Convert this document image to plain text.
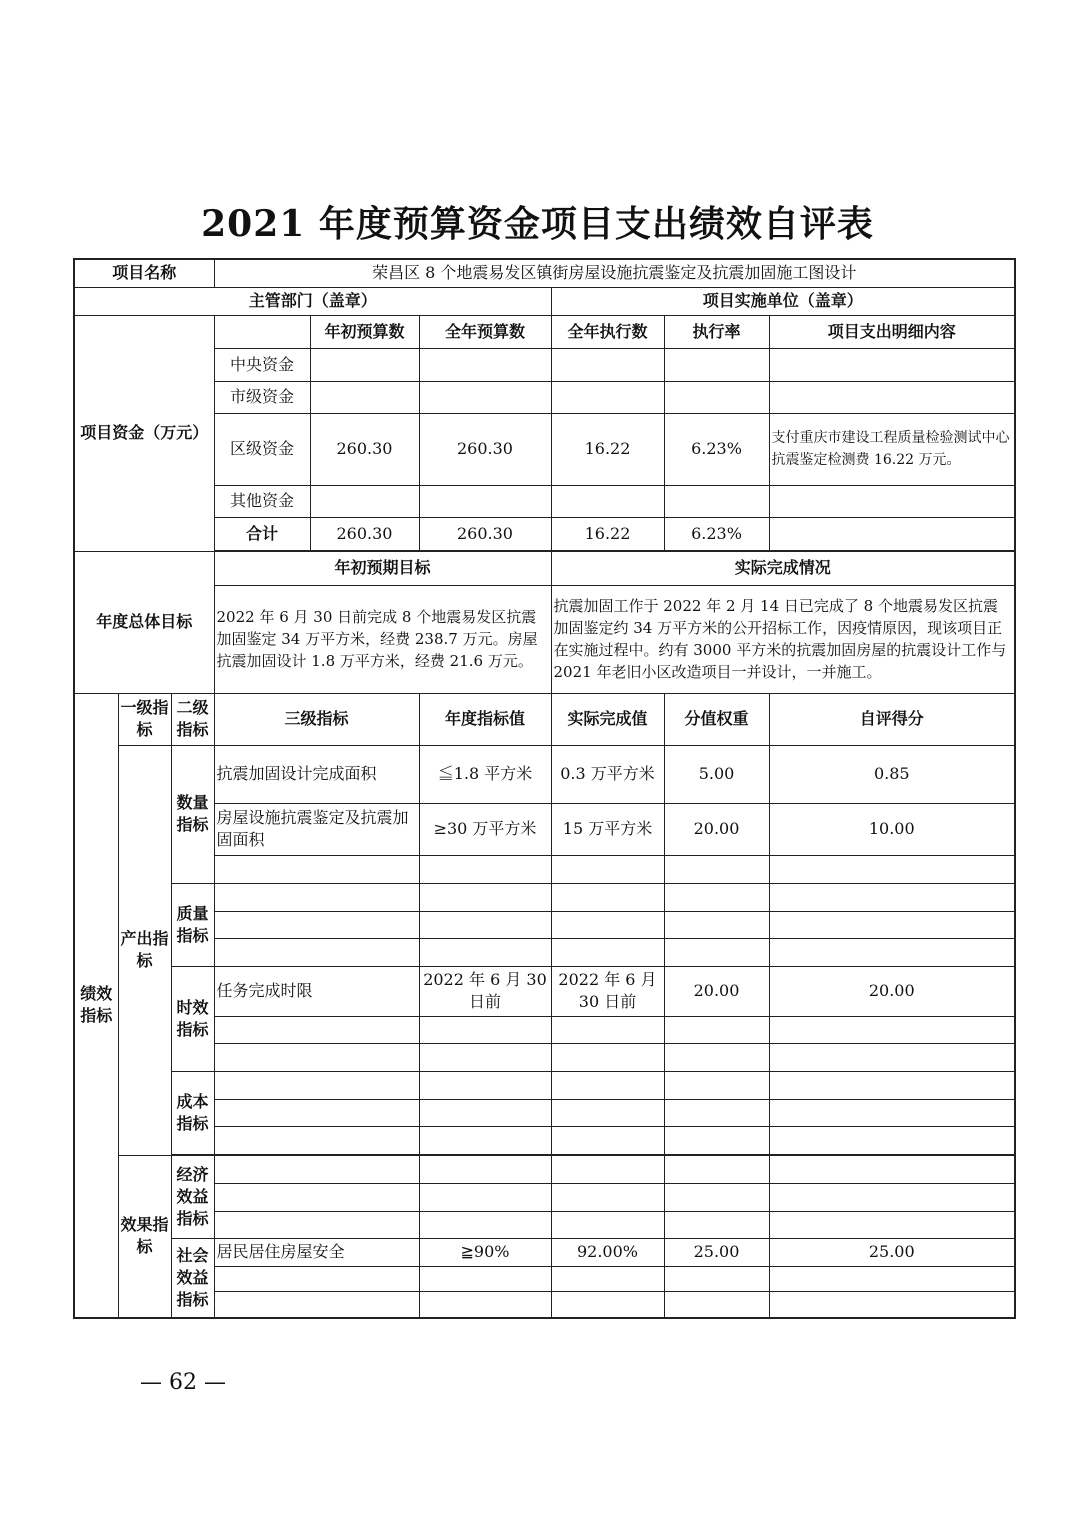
2021 年度预算资金项目支出绩效自评表
项目名称			荣昌区 8 个地震易发区镇街房屋设施抗震鉴定及抗震加固施工图设计					
主管部门（盖章）						项目实施单位（盖章）		
项目资金（万元）				年初预算数	全年预算数	全年执行数	执行率	项目支出明细内容
			中央资金					
			市级资金					
			区级资金	260.30	260.30	16.22	6.23%	支付重庆市建设工程质量检验测试中心抗震鉴定检测费 16.22 万元。
			其他资金					
			合计	260.30	260.30	16.22	6.23%	

年度总体目标			年初预期目标			实际完成情况		
			2022 年 6 月 30 日前完成 8 个地震易发区抗震加固鉴定 34 万平方米，经费 238.7 万元。房屋抗震加固设计 1.8 万平方米，经费 21.6 万元。			抗震加固工作于 2022 年 2 月 14 日已完成了 8 个地震易发区抗震加固鉴定约 34 万平方米的公开招标工作，因疫情原因，现该项目正在实施过程中。约有 3000 平方米的抗震加固房屋的抗震设计工作与 2021 年老旧小区改造项目一并设计，一并施工。		
绩效指标	一级指标	二级指标	三级指标		年度指标值	实际完成值	分值权重	自评得分
	产出指标	数量指标	抗震加固设计完成面积		≦1.8 平方米	0.3 万平方米	5.00	0.85
			房屋设施抗震鉴定及抗震加固面积		≥30 万平方米	15 万平方米	20.00	10.00

		质量指标						

		时效指标	任务完成时限		2022 年 6 月 30 日前	2022 年 6 月 30 日前	20.00	20.00

		成本指标						

	效果指标	经济效益指标						

		社会效益指标	居民居住房屋安全		≧90%	92.00%	25.00	25.00

— 62 —
